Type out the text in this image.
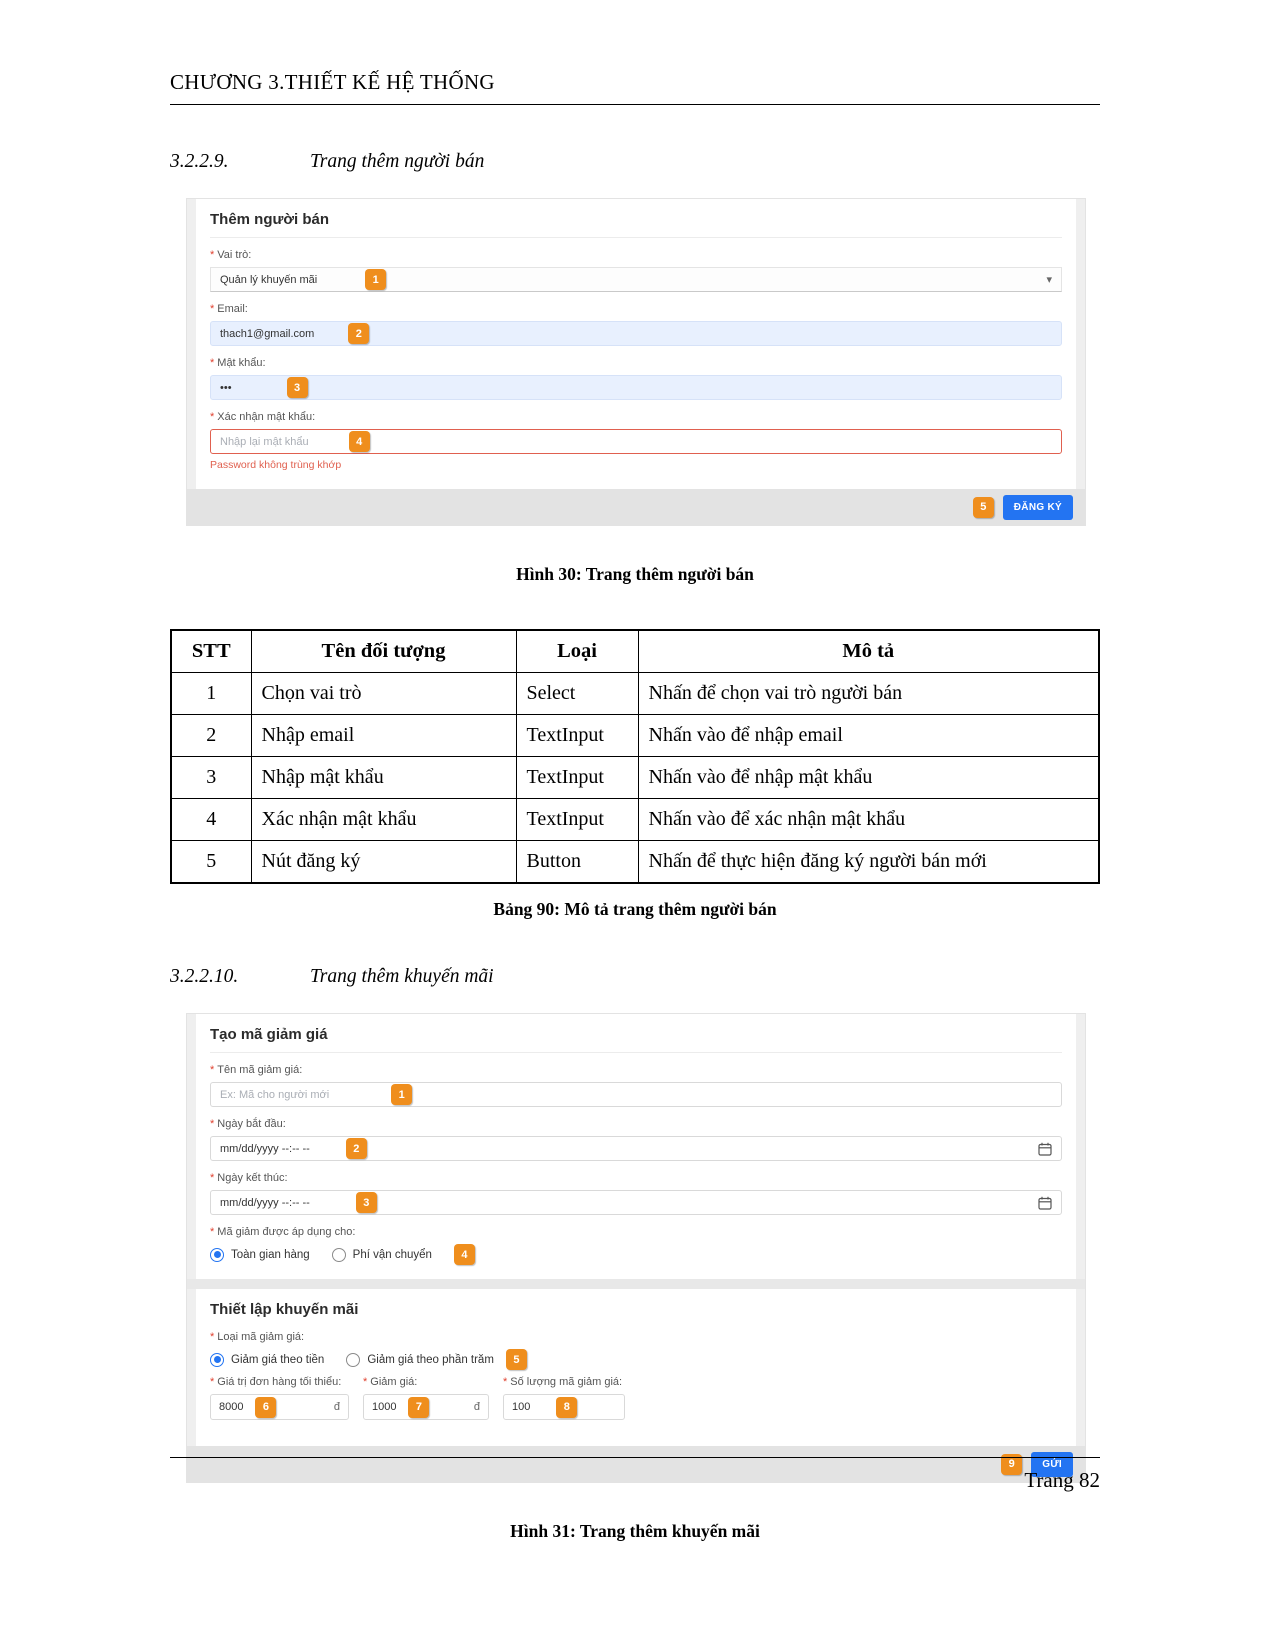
CHƯƠNG 3.THIẾT KẾ HỆ THỐNG
3.2.2.9.	Trang thêm người bán
Thêm người bán
* Vai trò:
Quản lý khuyến mãi	1	▾
* Email:
thach1@gmail.com	2
* Mật khẩu:
•••	3
* Xác nhận mật khẩu:
Nhập lại mật khẩu	4
Password không trùng khớp
5	ĐĂNG KÝ
Hình 30: Trang thêm người bán
STT	Tên đối tượng	Loại	Mô tả
1	Chọn vai trò	Select	Nhấn để chọn vai trò người bán
2	Nhập email	TextInput	Nhấn vào để nhập email
3	Nhập mật khẩu	TextInput	Nhấn vào để nhập mật khẩu
4	Xác nhận mật khẩu	TextInput	Nhấn vào để xác nhận mật khẩu
5	Nút đăng ký	Button	Nhấn để thực hiện đăng ký người bán mới
Bảng 90: Mô tả trang thêm người bán
3.2.2.10.	Trang thêm khuyến mãi
Tạo mã giảm giá
* Tên mã giảm giá:
Ex: Mã cho người mới	1
* Ngày bắt đầu:
mm/dd/yyyy --:-- --	2
* Ngày kết thúc:
mm/dd/yyyy --:-- --	3
* Mã giảm được áp dụng cho:
Toàn gian hàng	Phí vận chuyển	4
Thiết lập khuyến mãi
* Loại mã giảm giá:
Giảm giá theo tiền	Giảm giá theo phần trăm	5
* Giá trị đơn hàng tối thiểu:
8000	6	đ
* Giảm giá:
1000	7	đ
* Số lượng mã giảm giá:
100	8
9	GỬI
Hình 31: Trang thêm khuyến mãi
Trang 82
